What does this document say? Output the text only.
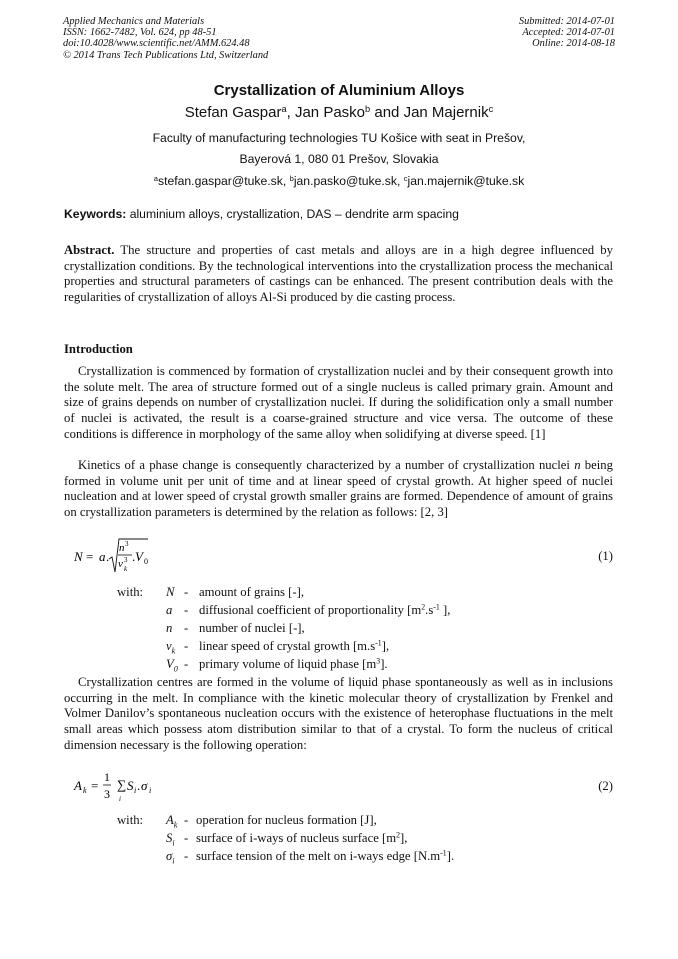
Applied Mechanics and Materials
ISSN: 1662-7482, Vol. 624, pp 48-51
doi:10.4028/www.scientific.net/AMM.624.48
© 2014 Trans Tech Publications Ltd, Switzerland
Submitted: 2014-07-01
Accepted: 2014-07-01
Online: 2014-08-18
Crystallization of Aluminium Alloys
Stefan Gaspar$^a$, Jan Pasko$^b$ and Jan Majernik$^c$
Faculty of manufacturing technologies TU Košice with seat in Prešov,
Bayerová 1, 080 01 Prešov, Slovakia
$^a$stefan.gaspar@tuke.sk, $^b$jan.pasko@tuke.sk, $^c$jan.majernik@tuke.sk
Keywords: aluminium alloys, crystallization, DAS – dendrite arm spacing
Abstract. The structure and properties of cast metals and alloys are in a high degree influenced by crystallization conditions. By the technological interventions into the crystallization process the mechanical properties and structural parameters of castings can be enhanced. The present contribution deals with the regularities of crystallization of alloys Al-Si produced by die casting process.
Introduction
Crystallization is commenced by formation of crystallization nuclei and by their consequent growth into the solute melt. The area of structure formed out of a single nucleus is called primary grain. Amount and size of grains depends on number of crystallization nuclei. If during the solidification only a small number of nuclei is activated, the result is a coarse-grained structure and vice versa. The outcome of these conditions is difference in morphology of the same alloy when solidifying at diverse speed. [1]
Kinetics of a phase change is consequently characterized by a number of crystallization nuclei n being formed in volume unit per unit of time and at linear speed of crystal growth. At higher speed of nuclei nucleation and at lower speed of crystal growth smaller grains are formed. Dependence of amount of grains on crystallization parameters is determined by the relation as follows: [2, 3]
N = a .
n 3
v 3
k
. V 0	(1)
with: N - amount of grains [-],
a - diffusional coefficient of proportionality [$m^2.s^{-1}$ ],
n - number of nuclei [-],
$v_k$ - linear speed of crystal growth $[m.s^{-1}]$,
$V_0$ - primary volume of liquid phase $[m^3]$.
Crystallization centres are formed in the volume of liquid phase spontaneously as well as in inclusions occurring in the melt. In compliance with the kinetic molecular theory of crystallization by Frenkel and Volmer Danilov’s spontaneous nucleation occurs with the existence of heterophase fluctuations in the melt small areas which possess atom distribution similar to that of a crystal. To form the nucleus of critical dimension necessary is the following operation:
A k =
1
3
∑
i
S i . σ i	(2)
with: $A_k$ - operation for nucleus formation [J],
$S_i$ - surface of i-ways of nucleus surface $[m^2]$,
$\sigma_i$ - surface tension of the melt on i-ways edge $[N.m^{-1}]$.
